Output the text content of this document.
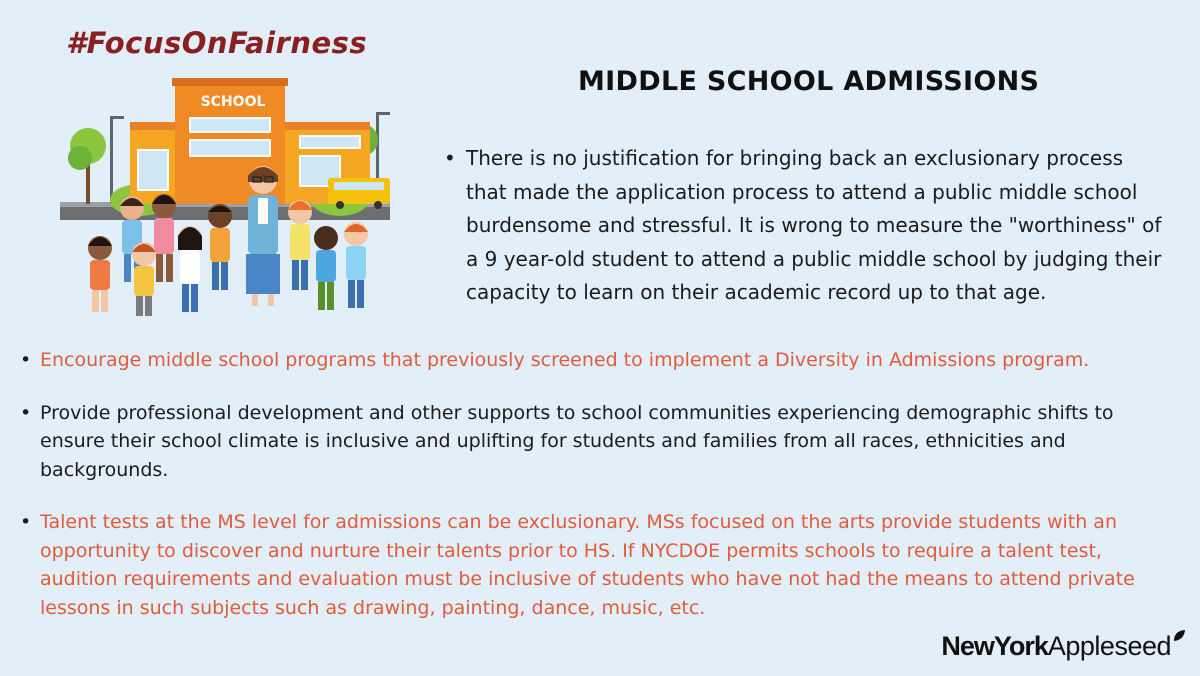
#FocusOnFairness
SCHOOL
MIDDLE SCHOOL ADMISSIONS
• There is no justification for bringing back an exclusionary process that made the application process to attend a public middle school burdensome and stressful. It is wrong to measure the "worthiness" of a 9 year-old student to attend a public middle school by judging their capacity to learn on their academic record up to that age.
• Encourage middle school programs that previously screened to implement a Diversity in Admissions program.
• Provide professional development and other supports to school communities experiencing demographic shifts to ensure their school climate is inclusive and uplifting for students and families from all races, ethnicities and backgrounds.
• Talent tests at the MS level for admissions can be exclusionary. MSs focused on the arts provide students with an opportunity to discover and nurture their talents prior to HS. If NYCDOE permits schools to require a talent test, audition requirements and evaluation must be inclusive of students who have not had the means to attend private lessons in such subjects such as drawing, painting, dance, music, etc.
NewYork Appleseed
